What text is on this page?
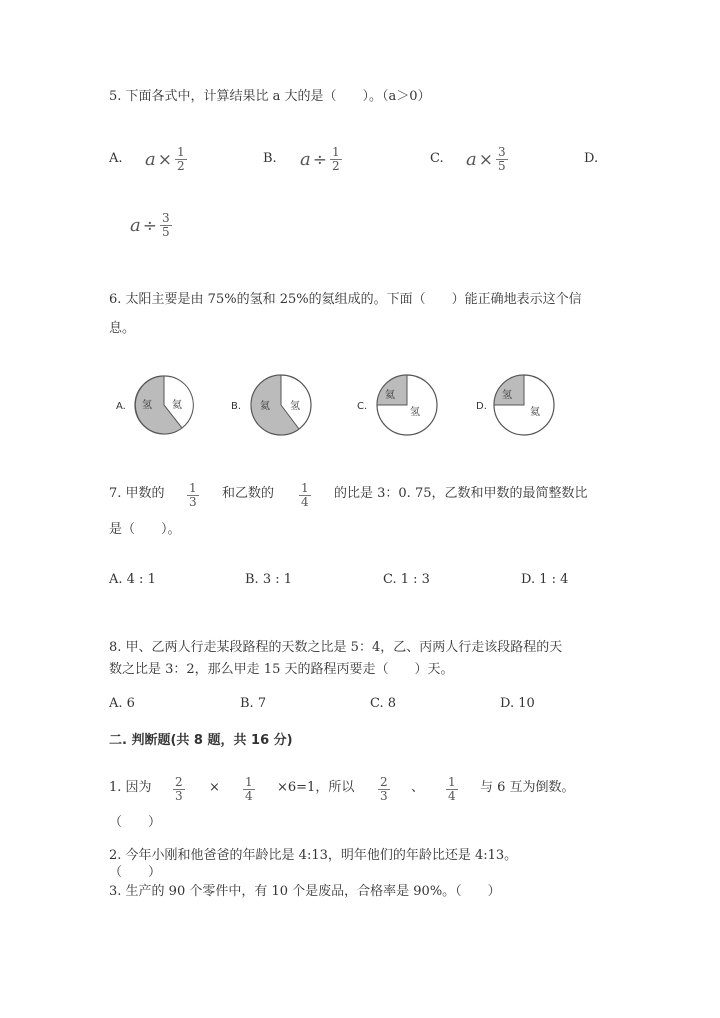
5. 下面各式中，计算结果比 a 大的是（　　）。（a＞0）
A. $a \times \frac{1}{2}$	B. $a \div \frac{1}{2}$	C. $a \times \frac{3}{5}$	D.
$a \div \frac{3}{5}$
6. 太阳主要是由 75%的氢和 25%的氦组成的。下面（　　）能正确地表示这个信
息。
A. 氢 氦	B. 氦 氢	C.
氦
氢
D.
氢
氦
7. 甲数的 $\frac{1}{3}$ 和乙数的 $\frac{1}{4}$ 的比是 3：0. 75，乙数和甲数的最简整数比
是（　　）。
A. 4 : 1	B. 3 : 1	C. 1 : 3	D. 1 : 4
8. 甲、乙两人行走某段路程的天数之比是 5：4，乙、丙两人行走该段路程的天
数之比是 3：2，那么甲走 15 天的路程丙要走（　　）天。
A. 6	B. 7	C. 8	D. 10
二. 判断题(共 8 题，共 16 分)
1. 因为 $\frac{2}{3} \times \frac{1}{4} \times 6=1$，所以 $\frac{2}{3}$ 、 $\frac{1}{4}$ 与 6 互为倒数。
（　　）
2. 今年小刚和他爸爸的年龄比是 4:13，明年他们的年龄比还是 4:13。
（　　）
3. 生产的 90 个零件中，有 10 个是废品，合格率是 90%。（　　）
